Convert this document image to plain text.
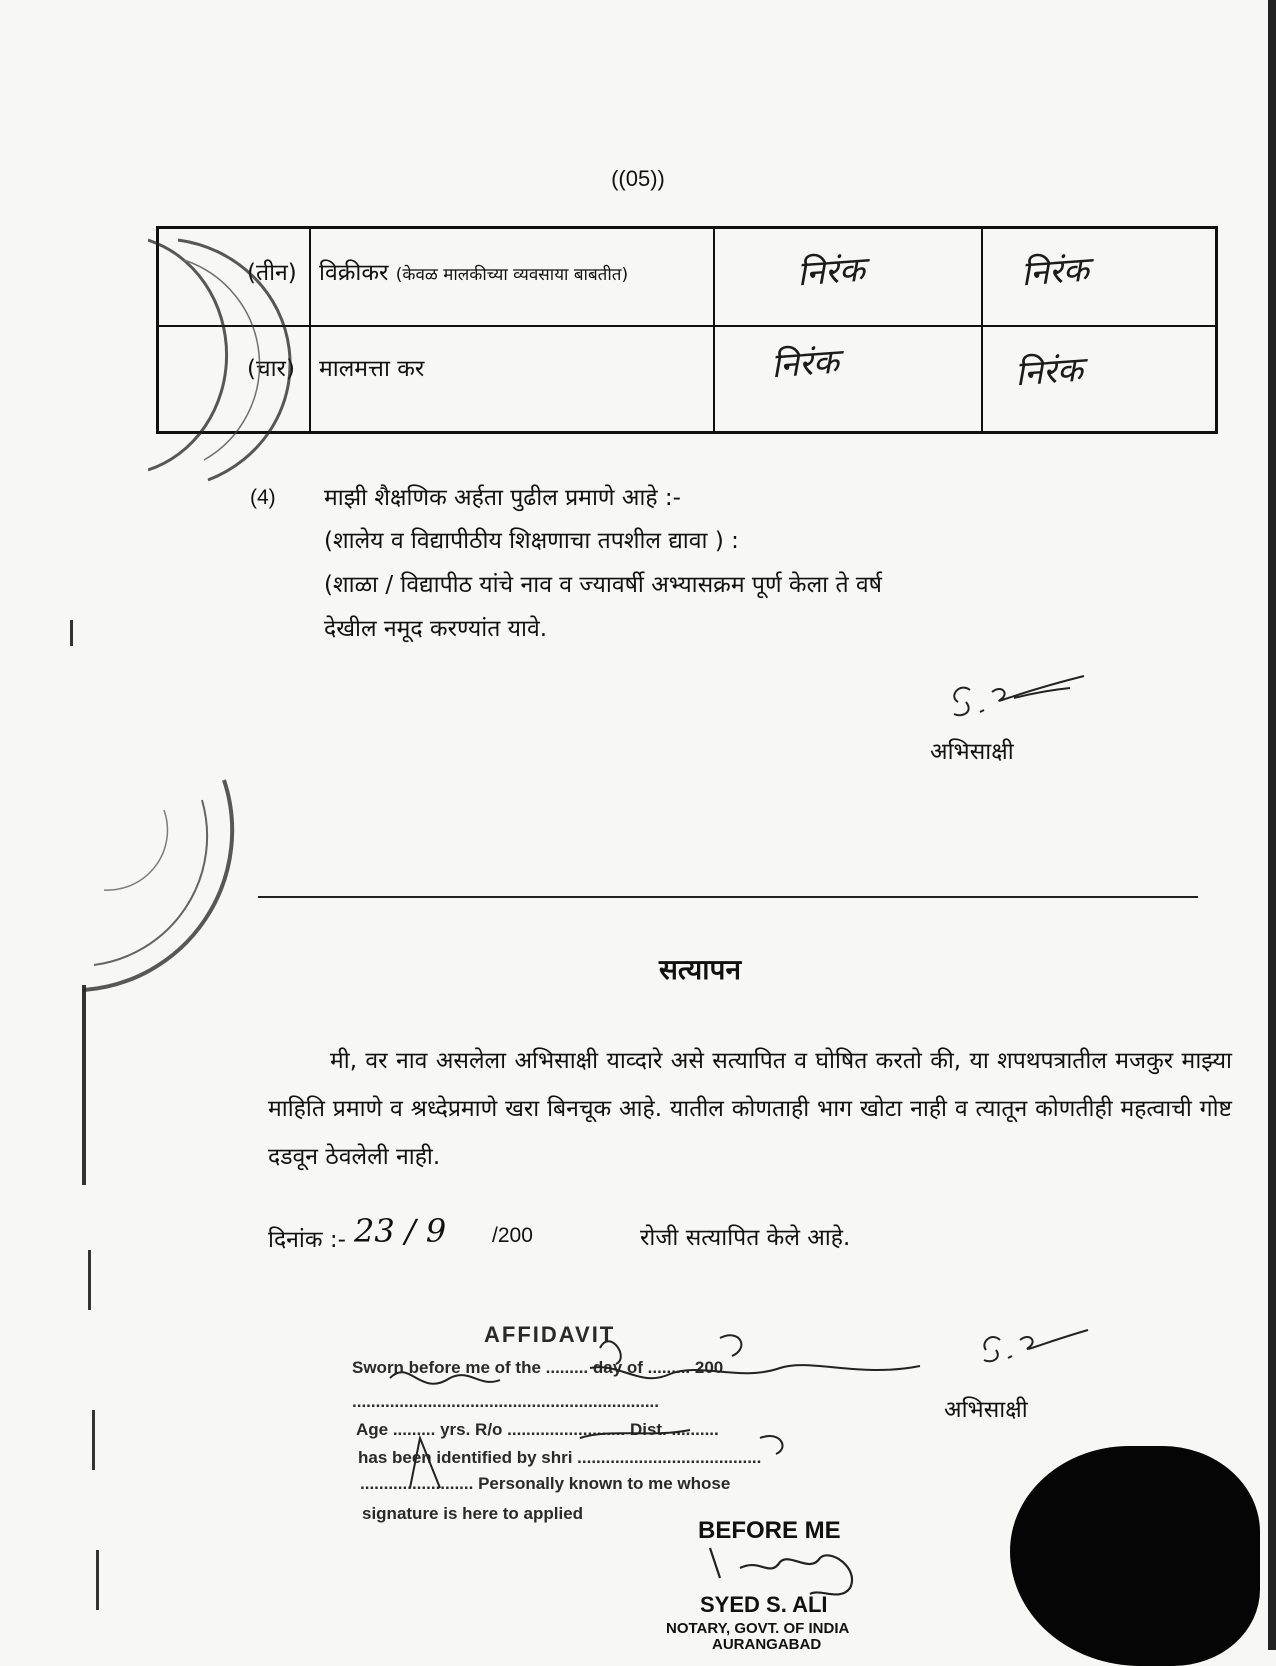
((05))
(तीन) विक्रीकर (केवळ मालकीच्या व्यवसाया बाबतीत)	निरंक	निरंक
(चार) मालमत्ता कर	निरंक	निरंक
(4) माझी शैक्षणिक अर्हता पुढील प्रमाणे आहे :-
(शालेय व विद्यापीठीय शिक्षणाचा तपशील द्यावा ) :
(शाळा / विद्यापीठ यांचे नाव व ज्यावर्षी अभ्यासक्रम पूर्ण केला ते वर्ष
देखील नमूद करण्यांत यावे.
अभिसाक्षी
सत्यापन
मी, वर नाव असलेला अभिसाक्षी याव्दारे असे सत्यापित व घोषित करतो की, या शपथपत्रातील मजकुर माझ्या माहिति प्रमाणे व श्रध्देप्रमाणे खरा बिनचूक आहे. यातील कोणताही भाग खोटा नाही व त्यातून कोणतीही महत्वाची गोष्ट दडवून ठेवलेली नाही.
दिनांक :- 23 / 9 /200	रोजी सत्यापित केले आहे.
AFFIDAVIT
Sworn before me of the ......... day of ......... 200
.................................................................
Age ......... yrs. R/o ......................... Dist. ..........
has been identified by shri .......................................
........................ Personally known to me whose
signature is here to applied
अभिसाक्षी
BEFORE ME
SYED S. ALI
NOTARY, GOVT. OF INDIA
AURANGABAD
